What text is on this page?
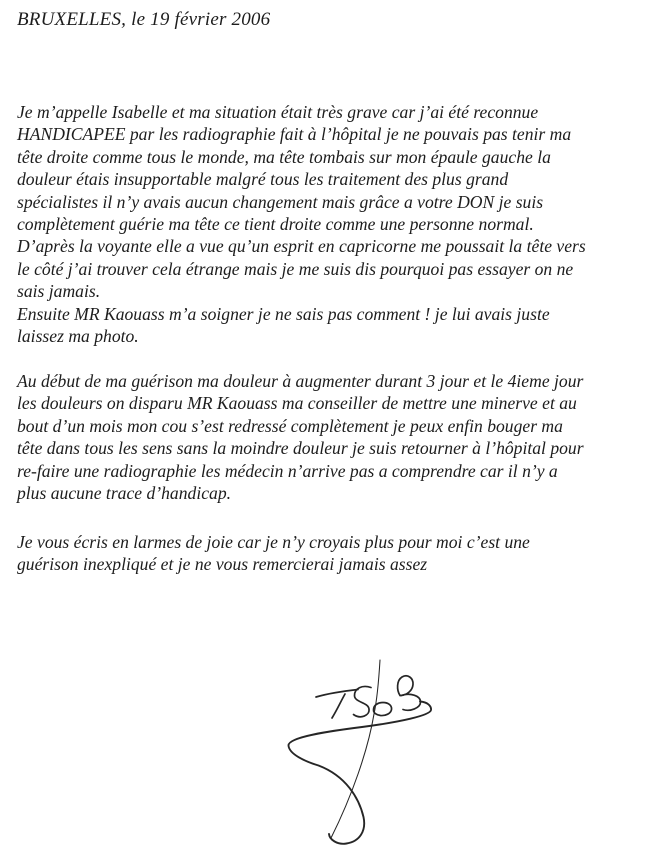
BRUXELLES, le 19 février 2006
Je m’appelle Isabelle et ma situation était très grave car j’ai été reconnue
HANDICAPEE par les radiographie fait à l’hôpital je ne pouvais pas tenir ma
tête droite comme tous le monde, ma tête tombais sur mon épaule gauche la
douleur étais insupportable malgré tous les traitement des plus grand
spécialistes il n’y avais aucun changement mais grâce a votre DON je suis
complètement guérie ma tête ce tient droite comme une personne normal.
D’après la voyante elle a vue qu’un esprit en capricorne me poussait la tête vers
le côté j’ai trouver cela étrange mais je me suis dis pourquoi pas essayer on ne
sais jamais.
Ensuite MR Kaouass m’a soigner je ne sais pas comment ! je lui avais juste
laissez ma photo.
Au début de ma guérison ma douleur à augmenter durant 3 jour et le 4ieme jour
les douleurs on disparu MR Kaouass ma conseiller de mettre une minerve et au
bout d’un mois mon cou s’est redressé complètement je peux enfin bouger ma
tête dans tous les sens sans la moindre douleur je suis retourner à l’hôpital pour
re-faire une radiographie les médecin n’arrive pas a comprendre car il n’y a
plus aucune trace d’handicap.
Je vous écris en larmes de joie car je n’y croyais plus pour moi c’est une
guérison inexpliqué et je ne vous remercierai jamais assez
